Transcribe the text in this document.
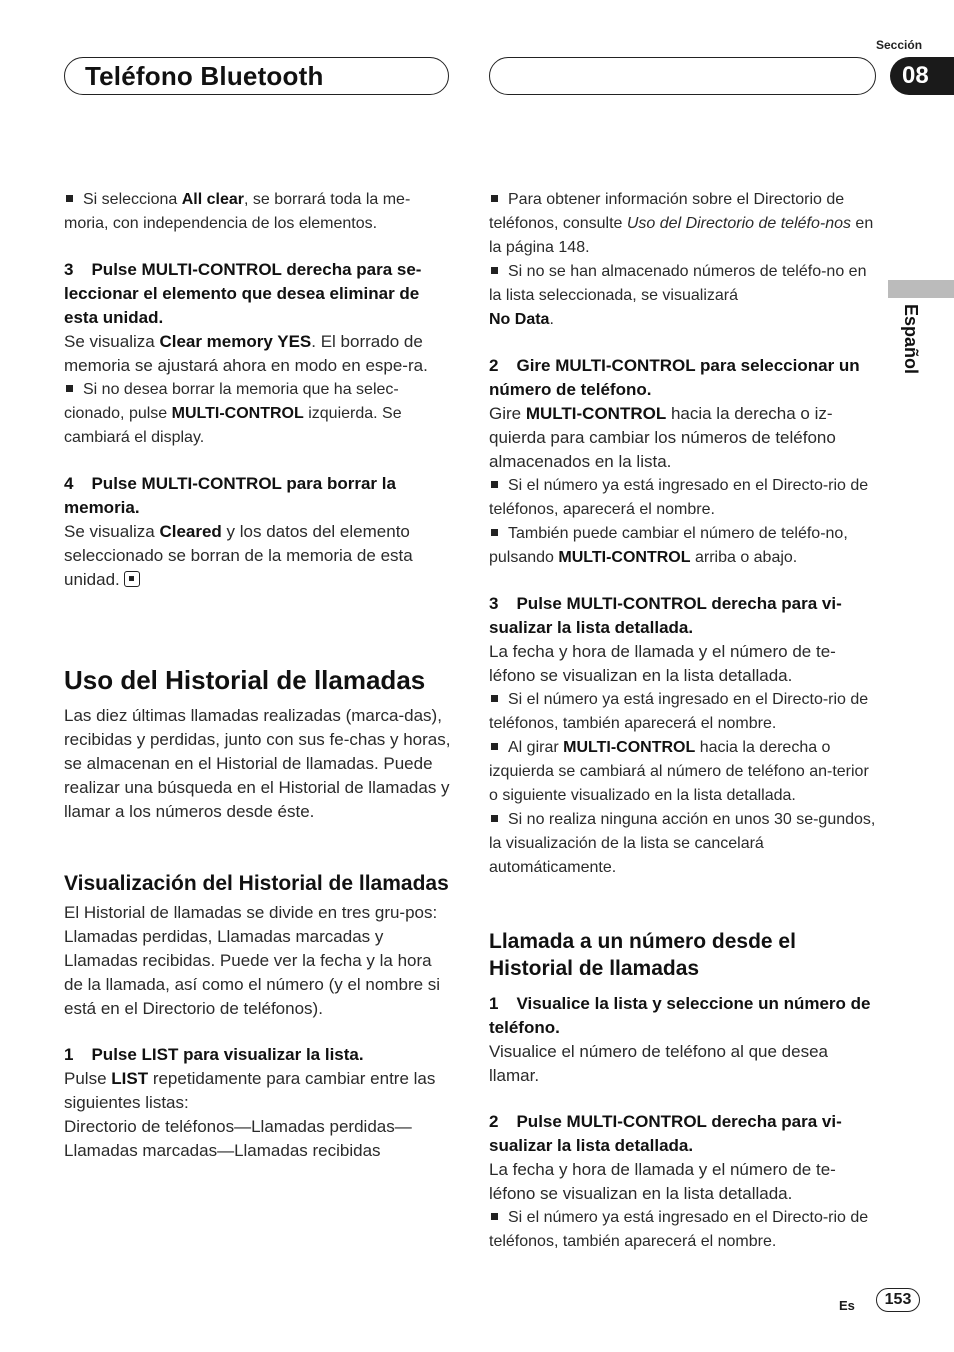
Teléfono Bluetooth
Sección
08
Español

Si selecciona All clear, se borrará toda la me-moria, con independencia de los elementos.

3 Pulse MULTI-CONTROL derecha para se-leccionar el elemento que desea eliminar de esta unidad.

Se visualiza Clear memory YES. El borrado de memoria se ajustará ahora en modo en espe-ra.

Si no desea borrar la memoria que ha selec-cionado, pulse MULTI-CONTROL izquierda. Se cambiará el display.

4 Pulse MULTI-CONTROL para borrar la memoria.

Se visualiza Cleared y los datos del elemento seleccionado se borran de la memoria de esta unidad.

Uso del Historial de llamadas

Las diez últimas llamadas realizadas (marca-das), recibidas y perdidas, junto con sus fe-chas y horas, se almacenan en el Historial de llamadas. Puede realizar una búsqueda en el Historial de llamadas y llamar a los números desde éste.

Visualización del Historial de llamadas

El Historial de llamadas se divide en tres gru-pos: Llamadas perdidas, Llamadas marcadas y Llamadas recibidas. Puede ver la fecha y la hora de la llamada, así como el número (y el nombre si está en el Directorio de teléfonos).

1 Pulse LIST para visualizar la lista.

Pulse LIST repetidamente para cambiar entre las siguientes listas:

Directorio de teléfonos—Llamadas perdidas—Llamadas marcadas—Llamadas recibidas

Para obtener información sobre el Directorio de teléfonos, consulte Uso del Directorio de teléfo-nos en la página 148.

Si no se han almacenado números de teléfo-no en la lista seleccionada, se visualizará
No Data.

2 Gire MULTI-CONTROL para seleccionar un número de teléfono.

Gire MULTI-CONTROL hacia la derecha o iz-quierda para cambiar los números de teléfono almacenados en la lista.

Si el número ya está ingresado en el Directo-rio de teléfonos, aparecerá el nombre.

También puede cambiar el número de teléfo-no, pulsando MULTI-CONTROL arriba o abajo.

3 Pulse MULTI-CONTROL derecha para vi-sualizar la lista detallada.

La fecha y hora de llamada y el número de te-léfono se visualizan en la lista detallada.

Si el número ya está ingresado en el Directo-rio de teléfonos, también aparecerá el nombre.

Al girar MULTI-CONTROL hacia la derecha o izquierda se cambiará al número de teléfono an-terior o siguiente visualizado en la lista detallada.

Si no realiza ninguna acción en unos 30 se-gundos, la visualización de la lista se cancelará automáticamente.

Llamada a un número desde el Historial de llamadas

1 Visualice la lista y seleccione un número de teléfono.

Visualice el número de teléfono al que desea llamar.

2 Pulse MULTI-CONTROL derecha para vi-sualizar la lista detallada.

La fecha y hora de llamada y el número de te-léfono se visualizan en la lista detallada.

Si el número ya está ingresado en el Directo-rio de teléfonos, también aparecerá el nombre.

Es	153
